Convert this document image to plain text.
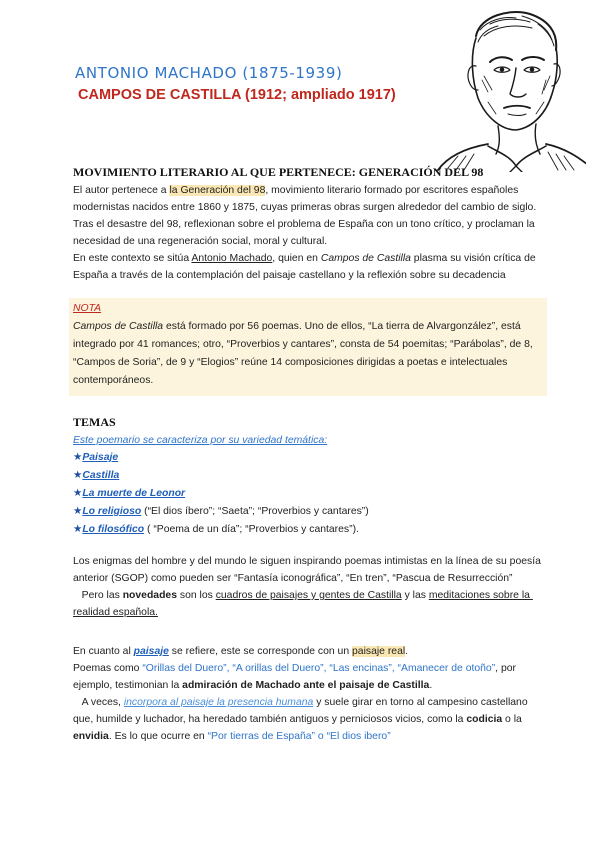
ANTONIO MACHADO (1875-1939)
CAMPOS DE CASTILLA (1912; ampliado 1917)
MOVIMIENTO LITERARIO AL QUE PERTENECE: GENERACIÓN DEL 98

El autor pertenece a la Generación del 98, movimiento literario formado por escritores españoles modernistas nacidos entre 1860 y 1875, cuyas primeras obras surgen alrededor del cambio de siglo. Tras el desastre del 98, reflexionan sobre el problema de España con un tono crítico, y proclaman la necesidad de una regeneración social, moral y cultural.

En este contexto se sitúa Antonio Machado, quien en Campos de Castilla plasma su visión crítica de España a través de la contemplación del paisaje castellano y la reflexión sobre su decadencia

NOTA

Campos de Castilla está formado por 56 poemas. Uno de ellos, “La tierra de Alvargonzález”, está integrado por 41 romances; otro, “Proverbios y cantares”, consta de 54 poemitas; “Parábolas”, de 8, “Campos de Soria”, de 9 y “Elogios” reúne 14 composiciones dirigidas a poetas e intelectuales contemporáneos.

TEMAS
Este poemario se caracteriza por su variedad temática:
★Paisaje
★Castilla
★La muerte de Leonor
★Lo religioso (“El dios íbero”; “Saeta”; “Proverbios y cantares”)
★Lo filosófico ( “Poema de un día”; “Proverbios y cantares”).

Los enigmas del hombre y del mundo le siguen inspirando poemas intimistas en la línea de su poesía anterior (SGOP) como pueden ser “Fantasía iconográfica”, “En tren”, “Pascua de Resurrección”

Pero las novedades son los cuadros de paisajes y gentes de Castilla y las meditaciones sobre la realidad española.

En cuanto al paisaje se refiere, este se corresponde con un paisaje real.

Poemas como “Orillas del Duero”, “A orillas del Duero”, “Las encinas”, “Amanecer de otoño”, por ejemplo, testimonian la admiración de Machado ante el paisaje de Castilla.

A veces, incorpora al paisaje la presencia humana y suele girar en torno al campesino castellano que, humilde y luchador, ha heredado también antiguos y perniciosos vicios, como la codicia o la envidia. Es lo que ocurre en “Por tierras de España” o “El dios ibero”
